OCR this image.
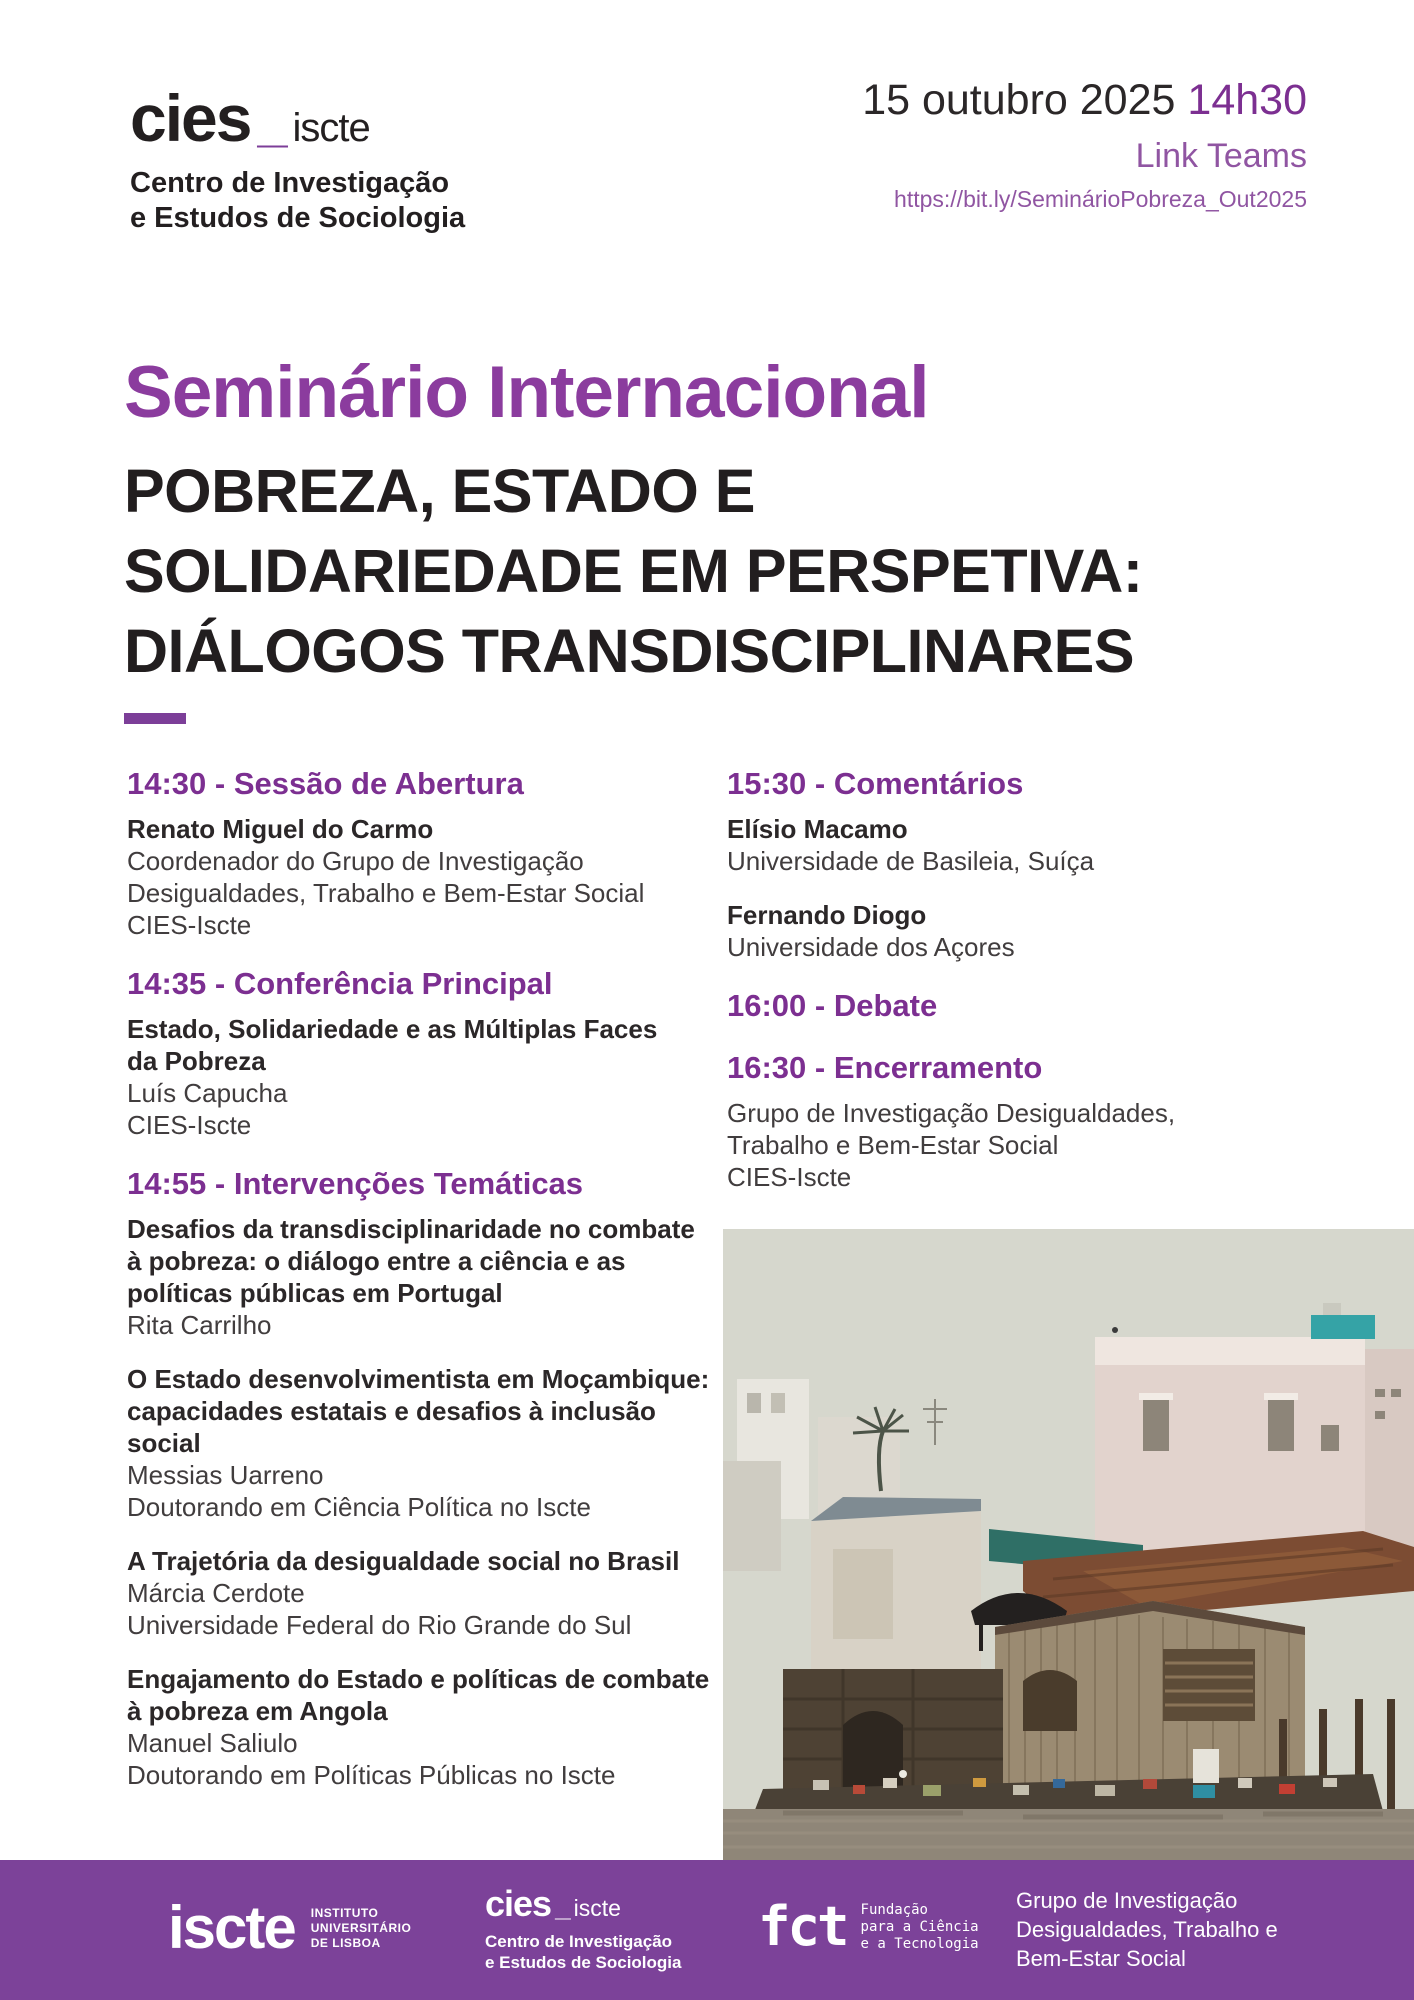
cies _ iscte
Centro de Investigação
e Estudos de Sociologia
15 outubro 2025 14h30
Link Teams
https://bit.ly/SeminárioPobreza_Out2025
Seminário Internacional
POBREZA, ESTADO E
SOLIDARIEDADE EM PERSPETIVA:
DIÁLOGOS TRANSDISCIPLINARES
14:30 - Sessão de Abertura
Renato Miguel do Carmo
Coordenador do Grupo de Investigação
Desigualdades, Trabalho e Bem-Estar Social
CIES-Iscte
14:35 - Conferência Principal
Estado, Solidariedade e as Múltiplas Faces
da Pobreza
Luís Capucha
CIES-Iscte
14:55 - Intervenções Temáticas
Desafios da transdisciplinaridade no combate
à pobreza: o diálogo entre a ciência e as
políticas públicas em Portugal
Rita Carrilho
O Estado desenvolvimentista em Moçambique:
capacidades estatais e desafios à inclusão
social
Messias Uarreno
Doutorando em Ciência Política no Iscte
A Trajetória da desigualdade social no Brasil
Márcia Cerdote
Universidade Federal do Rio Grande do Sul
Engajamento do Estado e políticas de combate
à pobreza em Angola
Manuel Saliulo
Doutorando em Políticas Públicas no Iscte
15:30 - Comentários
Elísio Macamo
Universidade de Basileia, Suíça
Fernando Diogo
Universidade dos Açores
16:00 - Debate
16:30 - Encerramento
Grupo de Investigação Desigualdades,
Trabalho e Bem-Estar Social
CIES-Iscte
iscte INSTITUTO
UNIVERSITÁRIO
DE LISBOA
cies _ iscte
Centro de Investigação
e Estudos de Sociologia
fct Fundação
para a Ciência
e a Tecnologia
Grupo de Investigação
Desigualdades, Trabalho e
Bem-Estar Social
